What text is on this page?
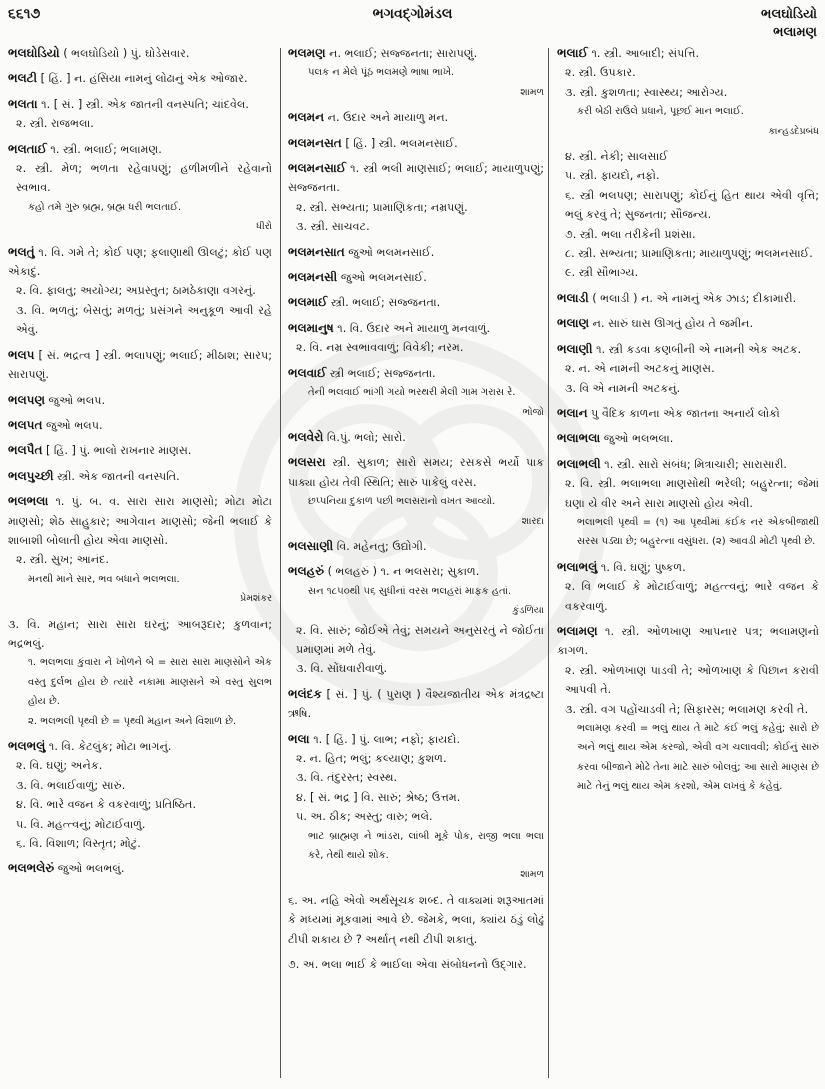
૬૬૧૭	ભગવદ્ગોમંડલ	ભલઘોડિયો
ભલામણ
ભલઘોડિયો ( ભલઘોડિયો ) પું. ઘોડેસવાર.
ભલટી [ હિં. ] ન. હંસિયા નામનું લોઢાનું એક ઓજાર.
ભલતા ૧. [ સં. ] સ્ત્રી. એક જાતની વનસ્પતિ; ચાંદવેલ.
૨. સ્ત્રી. રાજભલા.
ભલતાઈ ૧. સ્ત્રી. ભલાઈ; ભલામણ.
૨. સ્ત્રી. મેળ; ભળતા રહેવાપણું; હળીમળીને રહેવાનો સ્વભાવ.
કહો તમે ગુરુ બ્રહ્મ, બ્રહ્મ ધરી ભલતાઈ.
ધીરો
ભલતું ૧. વિ. ગમે તે; કોઈ પણ; ફલાણાથી ઊલટું; કોઈ પણ એકાદું.
૨. વિ. ફાલતુ; અયોગ્ય; અપ્રસ્તુત; ઠામઠેકાણા વગરનું.
૩. વિ. ભળતું; બેસતું; મળતું; પ્રસંગને અનુકૂળ આવી રહે એવું.
ભલપ [ સં. ભદ્રત્વ ] સ્ત્રી. ભલાપણું; ભલાઈ; મીઠાશ; સારપ; સારાપણું.
ભલપણ જુઓ ભલપ.
ભલપત જુઓ ભલપ.
ભલપૈત [ હિં. ] પું. ભાલો રાખનાર માણસ.
ભલપુચ્છી સ્ત્રી. એક જાતની વનસ્પતિ.
ભલભલા ૧. પું. બ. વ. સારા સારા માણસો; મોટા મોટા માણસો; શેઠ સાહુકાર; આગેવાન માણસો; જેની ભલાઈ કે શાબાશી બોલાતી હોય એવા માણસો.
૨. સ્ત્રી. સુખ; આનંદ.
મનથી માને સાર, ભવ બધાને ભલભલા.
પ્રેમશંકર
૩. વિ. મહાન; સારા સારા ઘરનું; આબરૂદાર; કુળવાન; ભદ્રભલું.
૧. ભલભલા કુંવારા ને ખોળને બે = સારા સારા માણસોને એક વસ્તુ દુર્લભ હોય છે ત્યારે નકામા માણસને એ વસ્તુ સુલભ હોય છે.
૨. ભલભલી પૃથ્વી છે = પૃથ્વી મહાન અને વિશાળ છે.
ભલભલું ૧. વિ. કેટલુંક; મોટા ભાગનું.
૨. વિ. ઘણું; અનેક.
૩. વિ. ભલાઈવાળું; સારું.
૪. વિ. ભારે વજન કે વકરવાળું; પ્રતિષ્ઠિત.
૫. વિ. મહત્ત્વનું; મોટાઈવાળું.
૬. વિ. વિશાળ; વિસ્તૃત; મોટું.
ભલભલેરું જુઓ ભલભલું.
ભલમણ ન. ભલાઈ; સજ્જનતા; સારાપણું.
પલક ન મેલે પૂંઠ ભલમણે ભાષા ભાખે.
શામળ
ભલમન ન. ઉદાર અને માયાળુ મન.
ભલમનસત [ હિં. ] સ્ત્રી. ભલમનસાઈ.
ભલમનસાઈ ૧. સ્ત્રી ભલી માણસાઈ; ભલાઈ; માયાળુપણું; સજ્જનતા.
૨. સ્ત્રી. સભ્યતા; પ્રામાણિકતા; નમ્રપણું.
૩. સ્ત્રી. સાચવટ.
ભલમનસાત જુઓ ભલમનસાઈ.
ભલમનસી જુઓ ભલમનસાઈ.
ભલમાઈ સ્ત્રી. ભલાઈ; સજ્જનતા.
ભલમાનુષ ૧. વિ. ઉદાર અને માયાળુ મનવાળું.
૨. વિ. નમ્ર સ્વભાવવાળું; વિવેકી; નરમ.
ભલવાઈ સ્ત્રી ભલાઈ; સજ્જનતા.
તેની ભલવાઈ ભાંગી ગયો ભરથરી મેલી ગામ ગરાસ રે.
ભોજો
ભલવેરો વિ.પું. ભલો; સારો.
ભલસરા સ્ત્રી. સુકાળ; સારો સમય; રસકસે ભર્યો પાક પાક્યા હોય તેવી સ્થિતિ; સારું પાકેલું વરસ.
છપ્પનિયા દુકાળ પછી ભલસરાનો વખત આવ્યો.
શારદા
ભલસાણી વિ. મહેનતુ; ઉદ્યોગી.
ભલહરું ( ભલહરું ) ૧. ન ભલસરા; સુકાળ.
સન ૧૮૫૦થી ૫૬ સુધીનાં વરસ ભલહરાં માફક હતાં.
કુંડળિયા
૨. વિ. સારું; જોઈએ તેવું; સમયને અનુસરતું ને જોઈતા પ્રમાણમાં મળે તેવું.
૩. વિ. સોંઘવારીવાળું.
ભલંદક [ સં. ] પું. ( પુરાણ ) વૈશ્યજાતીય એક મંત્રદ્રષ્ટા ઋષિ.
ભલા ૧. [ હિં. ] પું. લાભ; નફો; ફાયદો.
૨. ન. હિત; ભલું; કલ્યાણ; કુશળ.
૩. વિ. તંદુરસ્ત; સ્વસ્થ.
૪. [ સં. ભદ્ર ] વિ. સારું; શ્રેષ્ઠ; ઉત્તમ.
૫. અ. ઠીક; અસ્તુ; વારુ; ભલે.
ભાટ બ્રાહ્મણ ને ભાંડરા, લાંબી મૂકે પોક, રાજી ભલા ભલા કરે, તેથી થાયે શોક.
શામળ
૬. અ. નહિ એવો અર્થસૂચક શબ્દ. તે વાક્યમાં શરૂઆતમાં કે મધ્યમાં મૂકવામાં આવે છે. જેમકે, ભલા, ક્યાંય ઠંડું લોઢું ટીપી શકાય છે ? અર્થાત્ નથી ટીપી શકાતું.
૭. અ. ભલા ભાઈ કે ભાઈલા એવા સંબોધનનો ઉદ્ગાર.
ભલાઈ ૧. સ્ત્રી. આબાદી; સંપત્તિ.
૨. સ્ત્રી. ઉપકાર.
૩. સ્ત્રી. કુશળતા; સ્વાસ્થ્ય; આરોગ્ય.
કરી બેઠી રાઉલે પ્રધાને, પૂછઈ માન ભલાઈ.
કાન્હડદેપ્રબંધ
૪. સ્ત્રી. નેકી; સાલસાઈ
૫. સ્ત્રી. ફાયદો, નફો.
૬. સ્ત્રી ભલપણ; સારાપણું; કોઈનું હિત થાય એવી વૃત્તિ; ભલું કરવું તે; સુજનતા; સૌજન્ય.
૭. સ્ત્રી. ભલા તરીકેની પ્રશંસા.
૮. સ્ત્રી. સભ્યતા; પ્રામાણિકતા; માયાળુપણું; ભલમનસાઈ.
૯. સ્ત્રી સૌભાગ્ય.
ભલાડી ( ભલાડી ) ન. એ નામનું એક ઝાડ; દીકામારી.
ભલાણ ન. સારું ઘાસ ઊગતું હોય તે જમીન.
ભલાણી ૧. સ્ત્રી કડવા કણબીની એ નામની એક અટક.
૨. ન. એ નામની અટકનું માણસ.
૩. વિ એ નામની અટકનું.
ભલાન પુ વૈદિક કાળના એક જાતના અનાર્ય લોકો
ભલાભલા જુઓ ભલભલા.
ભલાભલી ૧. સ્ત્રી. સારો સંબંધ; મિત્રાચારી; સારાસારી.
૨. વિ. સ્ત્રી. ભલાભલા માણસોથી ભરેલી; બહુરત્ના; જેમાં ઘણા યે વીર અને સારા માણસો હોય એવી.
ભલાભલી પૃથ્વી = (૧) આ પૃથ્વીમાં કંઈક નર એકબીજાથી સરસ પડ્યા છે; બહુરત્ના વસુંધરા. (૨) આવડી મોટી પૃથ્વી છે.
ભલાભલું ૧. વિ. ઘણું; પુષ્કળ.
૨. વિ ભલાઈ કે મોટાઈવાળું; મહત્ત્વનું; ભારે વજન કે વકરવાળું.
ભલામણ ૧. સ્ત્રી. ઓળખાણ આપનાર પત્ર; ભલામણનો કાગળ.
૨. સ્ત્રી. ઓળખાણ પાડવી તે; ઓળખાણ કે પિછાન કરાવી આપવી તે.
૩. સ્ત્રી. વગ પહોંચાડવી તે; સિફારસ; ભલામણ કરવી તે.
ભલામણ કરવી = ભલું થાય તે માટે કંઈ ભલું કહેવું; સારો છે અને ભલું થાય એમ કરજો, એવી વગ ચલાવવી; કોઈનું સારું કરવા બીજાને મોઢે તેના માટે સારું બોલવું; આ સારો માણસ છે માટે તેનું ભલું થાય એમ કરશો, એમ લખવું કે કહેવું.
